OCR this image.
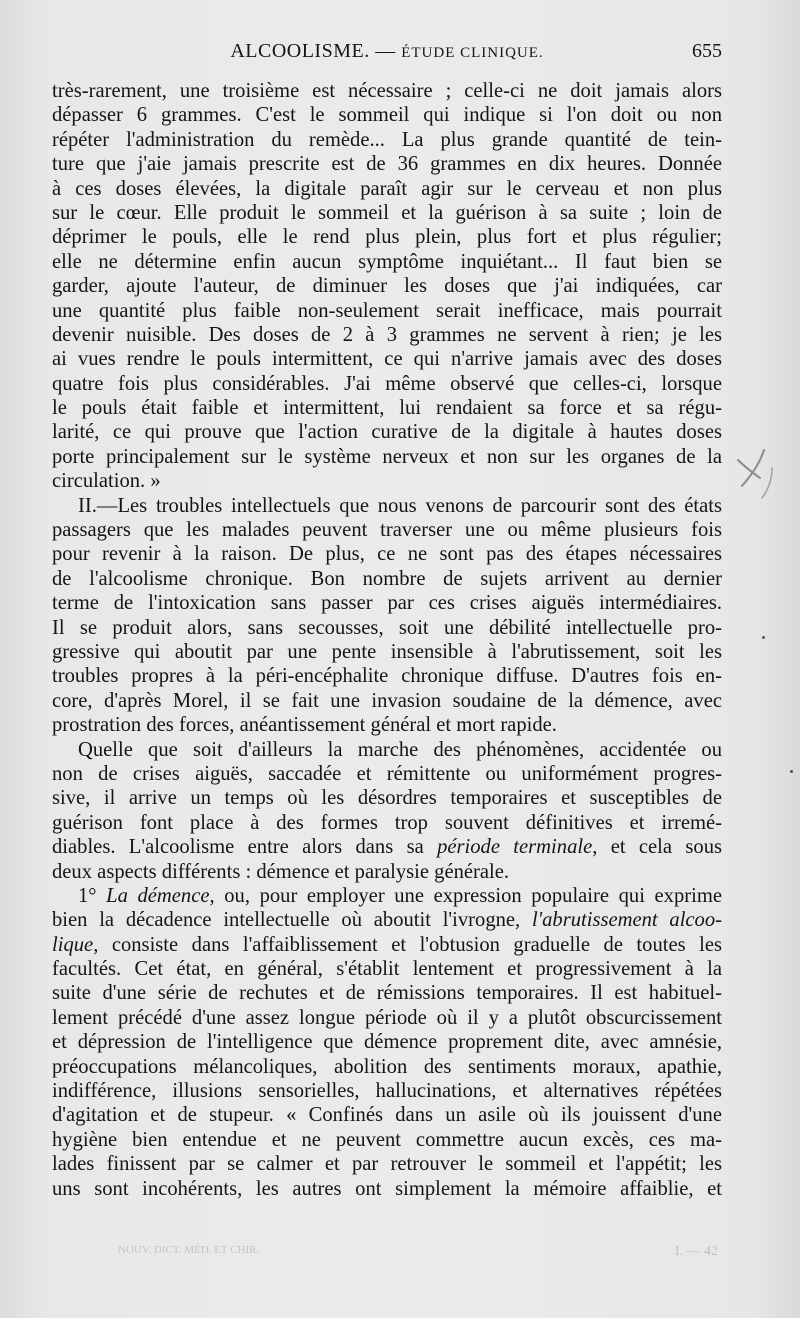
ALCOOLISME. — ÉTUDE CLINIQUE.	655
très-rarement, une troisième est nécessaire ; celle-ci ne doit jamais alors
dépasser 6 grammes. C'est le sommeil qui indique si l'on doit ou non
répéter l'administration du remède... La plus grande quantité de tein-
ture que j'aie jamais prescrite est de 36 grammes en dix heures. Donnée
à ces doses élevées, la digitale paraît agir sur le cerveau et non plus
sur le cœur. Elle produit le sommeil et la guérison à sa suite ; loin de
déprimer le pouls, elle le rend plus plein, plus fort et plus régulier;
elle ne détermine enfin aucun symptôme inquiétant... Il faut bien se
garder, ajoute l'auteur, de diminuer les doses que j'ai indiquées, car
une quantité plus faible non-seulement serait inefficace, mais pourrait
devenir nuisible. Des doses de 2 à 3 grammes ne servent à rien; je les
ai vues rendre le pouls intermittent, ce qui n'arrive jamais avec des doses
quatre fois plus considérables. J'ai même observé que celles-ci, lorsque
le pouls était faible et intermittent, lui rendaient sa force et sa régu-
larité, ce qui prouve que l'action curative de la digitale à hautes doses
porte principalement sur le système nerveux et non sur les organes de la
circulation. »
II.—Les troubles intellectuels que nous venons de parcourir sont des états
passagers que les malades peuvent traverser une ou même plusieurs fois
pour revenir à la raison. De plus, ce ne sont pas des étapes nécessaires
de l'alcoolisme chronique. Bon nombre de sujets arrivent au dernier
terme de l'intoxication sans passer par ces crises aiguës intermédiaires.
Il se produit alors, sans secousses, soit une débilité intellectuelle pro-
gressive qui aboutit par une pente insensible à l'abrutissement, soit les
troubles propres à la péri-encéphalite chronique diffuse. D'autres fois en-
core, d'après Morel, il se fait une invasion soudaine de la démence, avec
prostration des forces, anéantissement général et mort rapide.
Quelle que soit d'ailleurs la marche des phénomènes, accidentée ou
non de crises aiguës, saccadée et rémittente ou uniformément progres-
sive, il arrive un temps où les désordres temporaires et susceptibles de
guérison font place à des formes trop souvent définitives et irremé-
diables. L'alcoolisme entre alors dans sa période terminale, et cela sous
deux aspects différents : démence et paralysie générale.
1° La démence, ou, pour employer une expression populaire qui exprime
bien la décadence intellectuelle où aboutit l'ivrogne, l'abrutissement alcoo-
lique, consiste dans l'affaiblissement et l'obtusion graduelle de toutes les
facultés. Cet état, en général, s'établit lentement et progressivement à la
suite d'une série de rechutes et de rémissions temporaires. Il est habituel-
lement précédé d'une assez longue période où il y a plutôt obscurcissement
et dépression de l'intelligence que démence proprement dite, avec amnésie,
préoccupations mélancoliques, abolition des sentiments moraux, apathie,
indifférence, illusions sensorielles, hallucinations, et alternatives répétées
d'agitation et de stupeur. « Confinés dans un asile où ils jouissent d'une
hygiène bien entendue et ne peuvent commettre aucun excès, ces ma-
lades finissent par se calmer et par retrouver le sommeil et l'appétit; les
uns sont incohérents, les autres ont simplement la mémoire affaiblie, et
NOUV. DICT. MÉD. ET CHIR.	I. — 42
